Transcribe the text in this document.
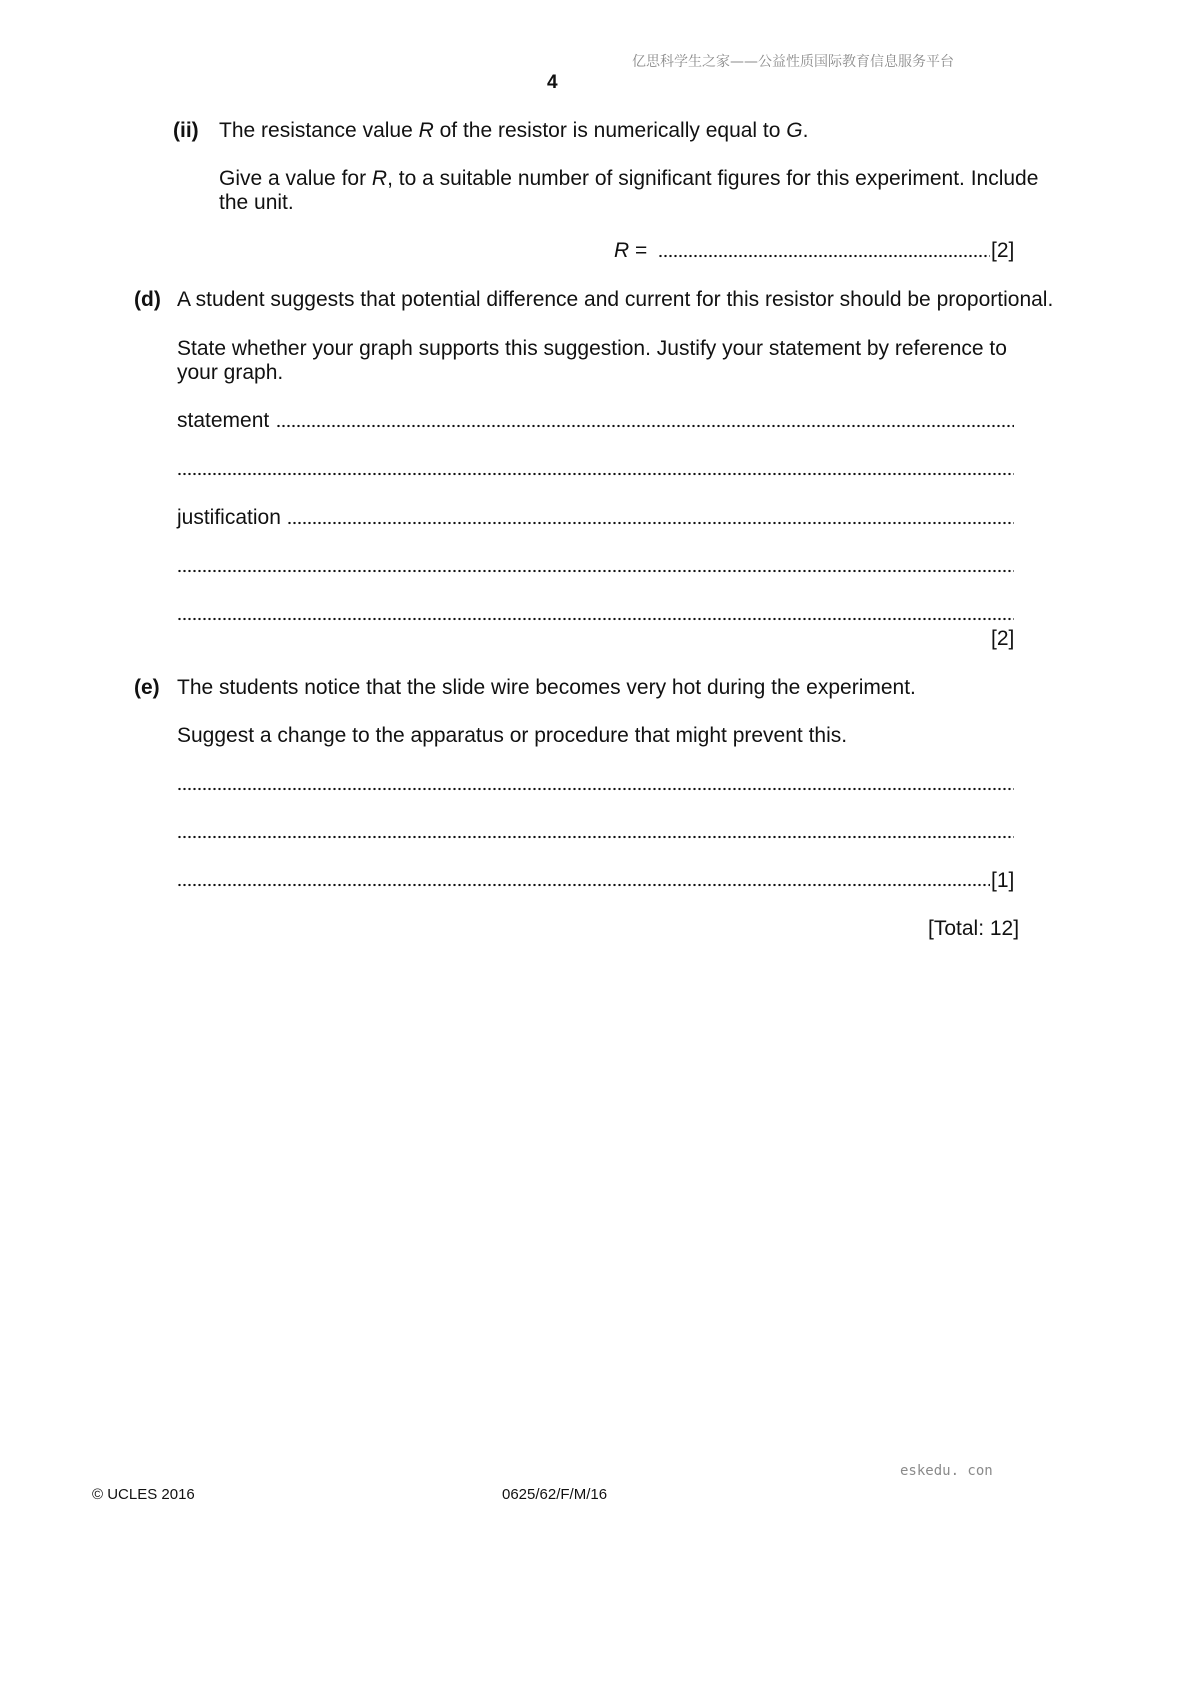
亿思科学生之家——公益性质国际教育信息服务平台
4
(ii) The resistance value R of the resistor is numerically equal to G.
Give a value for R, to a suitable number of significant figures for this experiment. Include
the unit.
R =	[2]
(d) A student suggests that potential difference and current for this resistor should be proportional.
State whether your graph supports this suggestion. Justify your statement by reference to
your graph.
statement
justification
[2]
(e) The students notice that the slide wire becomes very hot during the experiment.
Suggest a change to the apparatus or procedure that might prevent this.
[1]
[Total: 12]
eskedu. con
© UCLES 2016	0625/62/F/M/16
